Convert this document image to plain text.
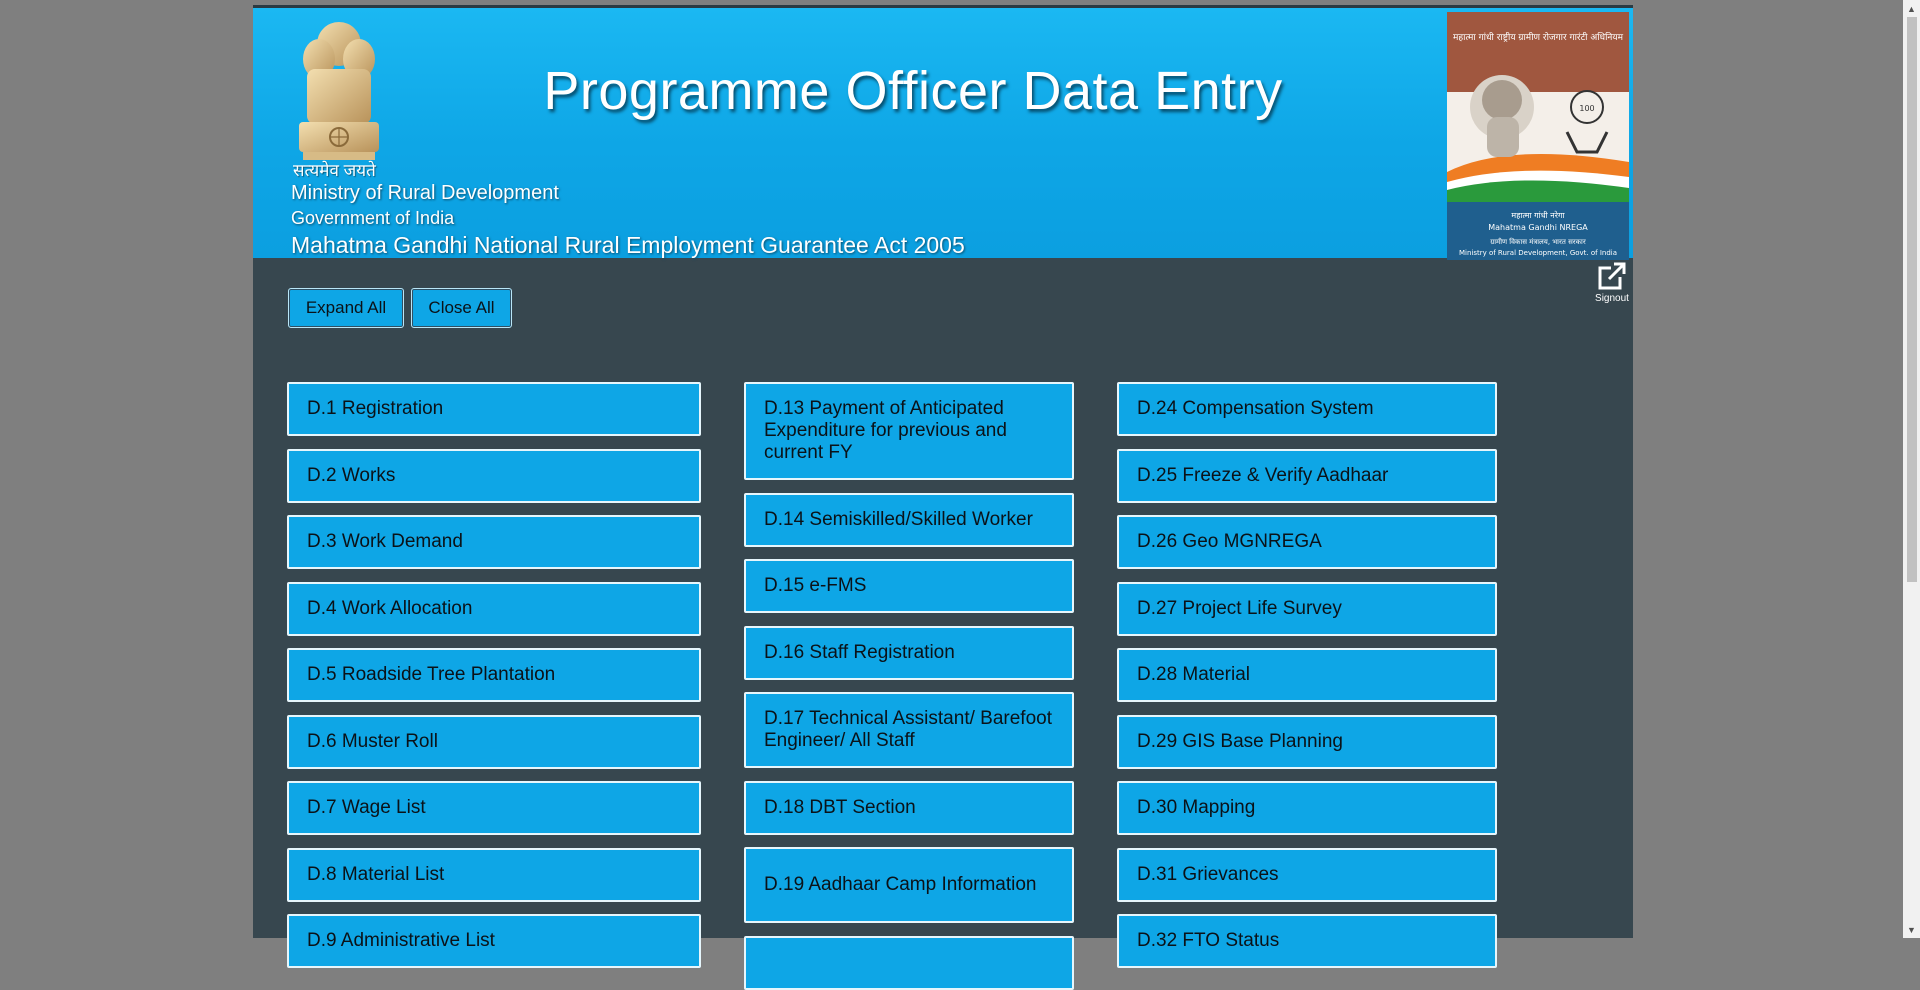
सत्यमेव जयते
Ministry of Rural Development
Government of India
Mahatma Gandhi National Rural Employment Guarantee Act 2005
Programme Officer Data Entry
महात्मा गांधी राष्ट्रीय ग्रामीण रोजगार गारंटी अधिनियम
100
महात्मा गांधी नरेगा
Mahatma Gandhi NREGA
ग्रामीण विकास मंत्रालय, भारत सरकार
Ministry of Rural Development, Govt. of India
Signout
Expand All	Close All
D.1 Registration
D.2 Works
D.3 Work Demand
D.4 Work Allocation
D.5 Roadside Tree Plantation
D.6 Muster Roll
D.7 Wage List
D.8 Material List
D.9 Administrative List
D.13 Payment of Anticipated Expenditure for previous and current FY
D.14 Semiskilled/Skilled Worker
D.15 e-FMS
D.16 Staff Registration
D.17 Technical Assistant/ Barefoot Engineer/ All Staff
D.18 DBT Section
D.19 Aadhaar Camp Information
D.24 Compensation System
D.25 Freeze & Verify Aadhaar
D.26 Geo MGNREGA
D.27 Project Life Survey
D.28 Material
D.29 GIS Base Planning
D.30 Mapping
D.31 Grievances
D.32 FTO Status
▲
▼
